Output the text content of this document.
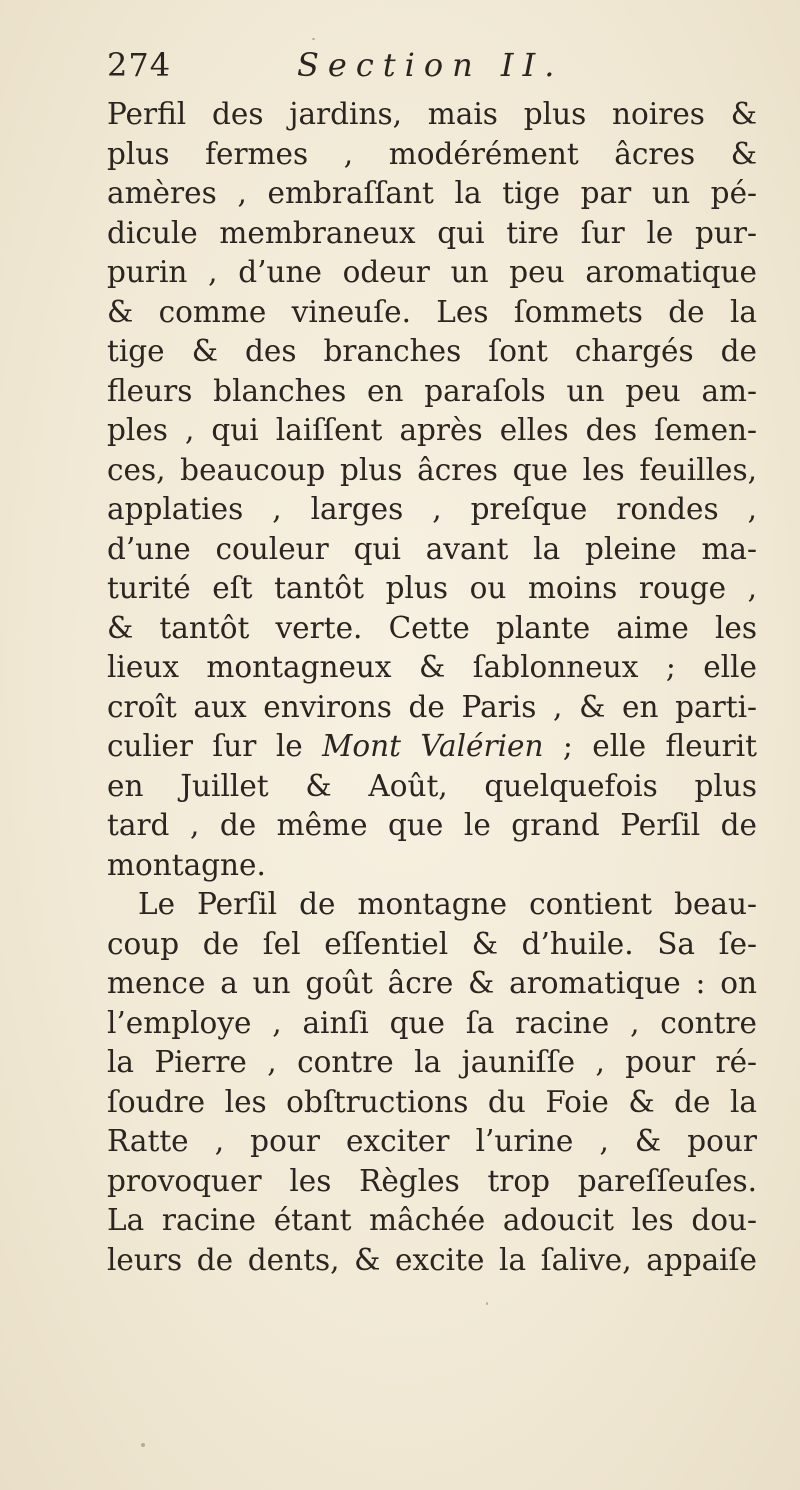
274	Section II.
Perfil des jardins, mais plus noires &
plus fermes , modérément âcres &
amères , embraſſant la tige par un pé-
dicule membraneux qui tire ſur le pur-
purin , d’une odeur un peu aromatique
& comme vineuſe. Les ſommets de la
tige & des branches ſont chargés de
fleurs blanches en paraſols un peu am-
ples , qui laiſſent après elles des ſemen-
ces, beaucoup plus âcres que les feuilles,
applaties , larges , preſque rondes ,
d’une couleur qui avant la pleine ma-
turité eſt tantôt plus ou moins rouge ,
& tantôt verte. Cette plante aime les
lieux montagneux & ſablonneux ; elle
croît aux environs de Paris , & en parti-
culier ſur le Mont Valérien ; elle fleurit
en Juillet & Août, quelquefois plus
tard , de même que le grand Perſil de
montagne.
Le Perſil de montagne contient beau-
coup de ſel eſſentiel & d’huile. Sa ſe-
mence a un goût âcre & aromatique : on
l’employe , ainſi que ſa racine , contre
la Pierre , contre la jauniſſe , pour ré-
ſoudre les obſtructions du Foie & de la
Ratte , pour exciter l’urine , & pour
provoquer les Règles trop pareſſeuſes.
La racine étant mâchée adoucit les dou-
leurs de dents, & excite la ſalive, appaiſe
